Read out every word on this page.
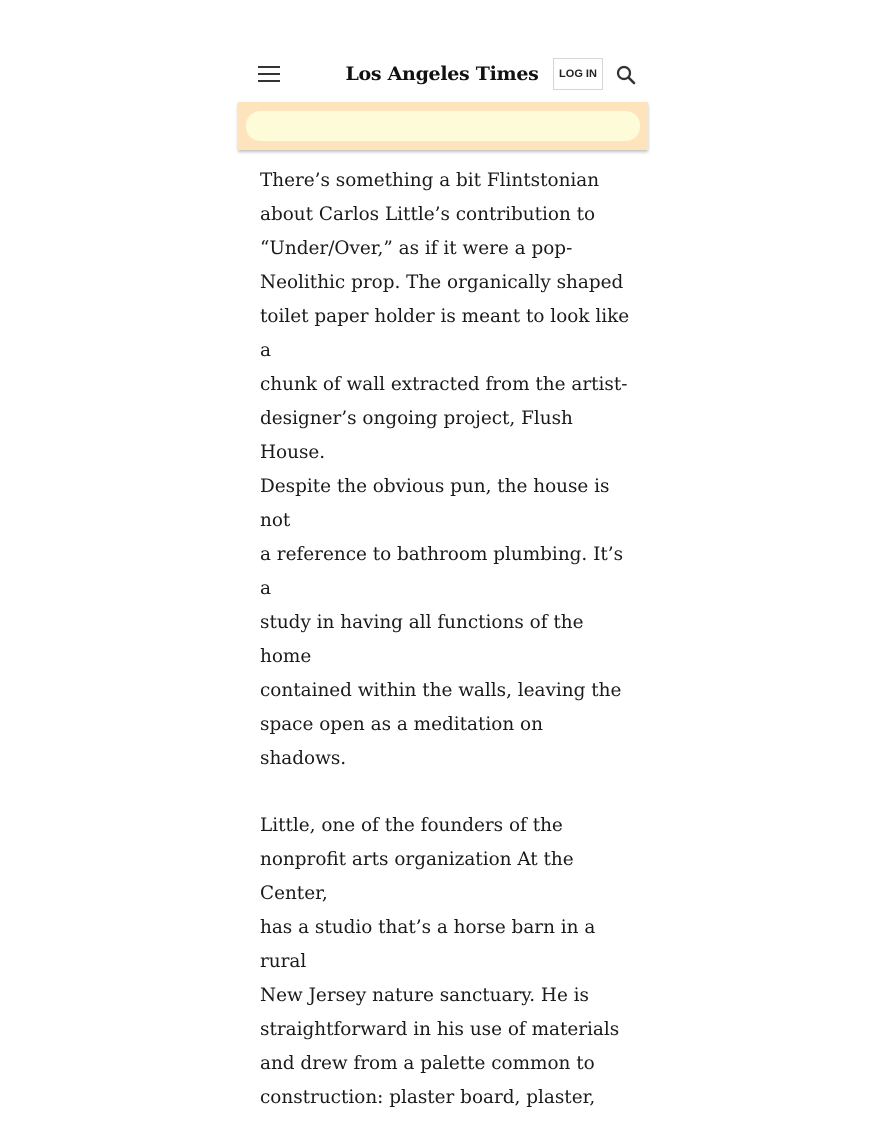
Los Angeles Times	LOG IN

There’s something a bit Flintstonian
about Carlos Little’s contribution to
“Under/Over,” as if it were a pop-
Neolithic prop. The organically shaped
toilet paper holder is meant to look like a
chunk of wall extracted from the artist-
designer’s ongoing project, Flush House.
Despite the obvious pun, the house is not
a reference to bathroom plumbing. It’s a
study in having all functions of the home
contained within the walls, leaving the
space open as a meditation on shadows.

Little, one of the founders of the
nonprofit arts organization At the Center,
has a studio that’s a horse barn in a rural
New Jersey nature sanctuary. He is
straightforward in his use of materials
and drew from a palette common to
construction: plaster board, plaster,
